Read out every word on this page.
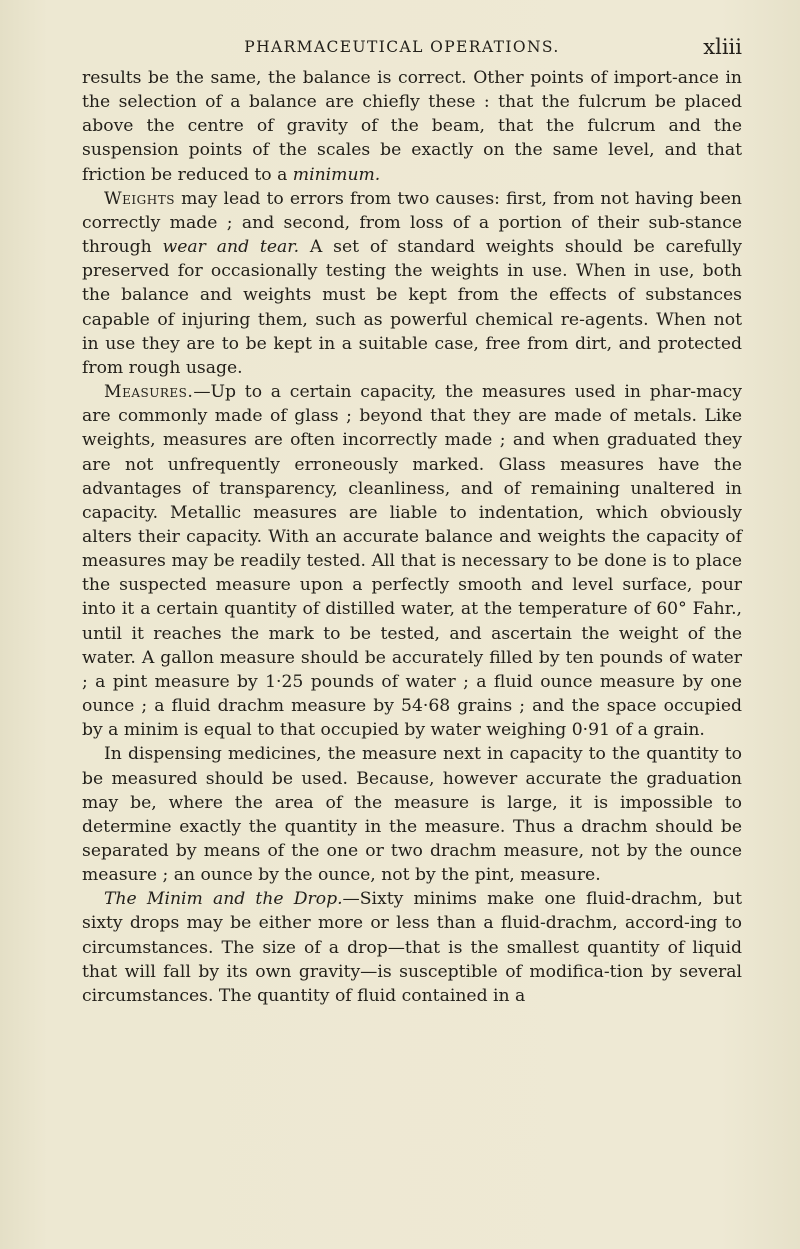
PHARMACEUTICAL OPERATIONS.	xliii

results be the same, the balance is correct. Other points of import-ance in the selection of a balance are chiefly these : that the fulcrum be placed above the centre of gravity of the beam, that the fulcrum and the suspension points of the scales be exactly on the same level, and that friction be reduced to a minimum.

Weights may lead to errors from two causes: first, from not having been correctly made ; and second, from loss of a portion of their sub-stance through wear and tear. A set of standard weights should be carefully preserved for occasionally testing the weights in use. When in use, both the balance and weights must be kept from the effects of substances capable of injuring them, such as powerful chemical re-agents. When not in use they are to be kept in a suitable case, free from dirt, and protected from rough usage.

Measures.—Up to a certain capacity, the measures used in phar-macy are commonly made of glass ; beyond that they are made of metals. Like weights, measures are often incorrectly made ; and when graduated they are not unfrequently erroneously marked. Glass measures have the advantages of transparency, cleanliness, and of remaining unaltered in capacity. Metallic measures are liable to indentation, which obviously alters their capacity. With an accurate balance and weights the capacity of measures may be readily tested. All that is necessary to be done is to place the suspected measure upon a perfectly smooth and level surface, pour into it a certain quantity of distilled water, at the temperature of 60° Fahr., until it reaches the mark to be tested, and ascertain the weight of the water. A gallon measure should be accurately filled by ten pounds of water ; a pint measure by 1·25 pounds of water ; a fluid ounce measure by one ounce ; a fluid drachm measure by 54·68 grains ; and the space occupied by a minim is equal to that occupied by water weighing 0·91 of a grain.

In dispensing medicines, the measure next in capacity to the quantity to be measured should be used. Because, however accurate the graduation may be, where the area of the measure is large, it is impossible to determine exactly the quantity in the measure. Thus a drachm should be separated by means of the one or two drachm measure, not by the ounce measure ; an ounce by the ounce, not by the pint, measure.

The Minim and the Drop.—Sixty minims make one fluid-drachm, but sixty drops may be either more or less than a fluid-drachm, accord-ing to circumstances. The size of a drop—that is the smallest quantity of liquid that will fall by its own gravity—is susceptible of modifica-tion by several circumstances. The quantity of fluid contained in a
